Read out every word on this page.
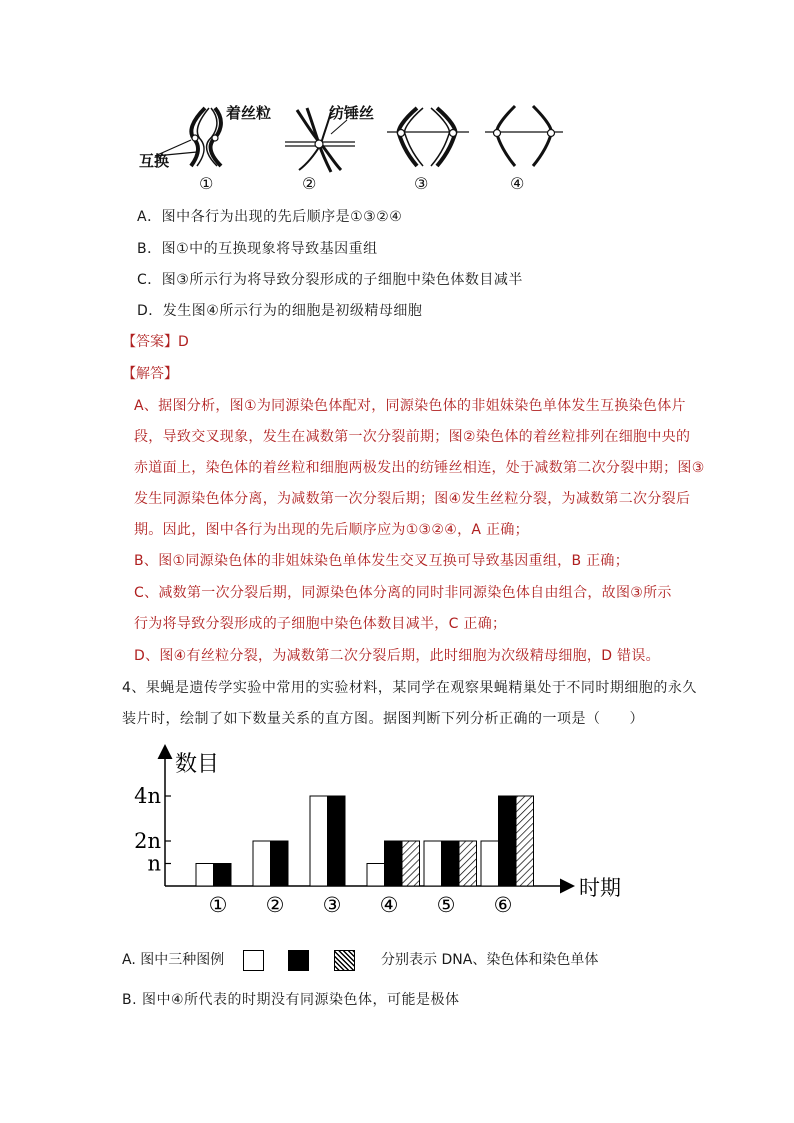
着丝粒	纺锤丝
互换
①	②	③	④
A．图中各行为出现的先后顺序是①③②④
B．图①中的互换现象将导致基因重组
C．图③所示行为将导致分裂形成的子细胞中染色体数目减半
D．发生图④所示行为的细胞是初级精母细胞
【答案】D
【解答】
A、据图分析，图①为同源染色体配对，同源染色体的非姐妹染色单体发生互换染色体片
段，导致交叉现象，发生在减数第一次分裂前期；图②染色体的着丝粒排列在细胞中央的
赤道面上，染色体的着丝粒和细胞两极发出的纺锤丝相连，处于减数第二次分裂中期；图③
发生同源染色体分离，为减数第一次分裂后期；图④发生丝粒分裂，为减数第二次分裂后
期。因此，图中各行为出现的先后顺序应为①③②④，A 正确；
B、图①同源染色体的非姐妹染色单体发生交叉互换可导致基因重组，B 正确；
C、减数第一次分裂后期，同源染色体分离的同时非同源染色体自由组合，故图③所示
行为将导致分裂形成的子细胞中染色体数目减半，C 正确；
D、图④有丝粒分裂，为减数第二次分裂后期，此时细胞为次级精母细胞，D 错误。
4、果蝇是遗传学实验中常用的实验材料，某同学在观察果蝇精巢处于不同时期细胞的永久
装片时，绘制了如下数量关系的直方图。据图判断下列分析正确的一项是（　　）
数目
时期
n
2n
4n
① ② ③ ④ ⑤ ⑥
A. 图中三种图例	分别表示 DNA、染色体和染色单体
B. 图中④所代表的时期没有同源染色体，可能是极体
